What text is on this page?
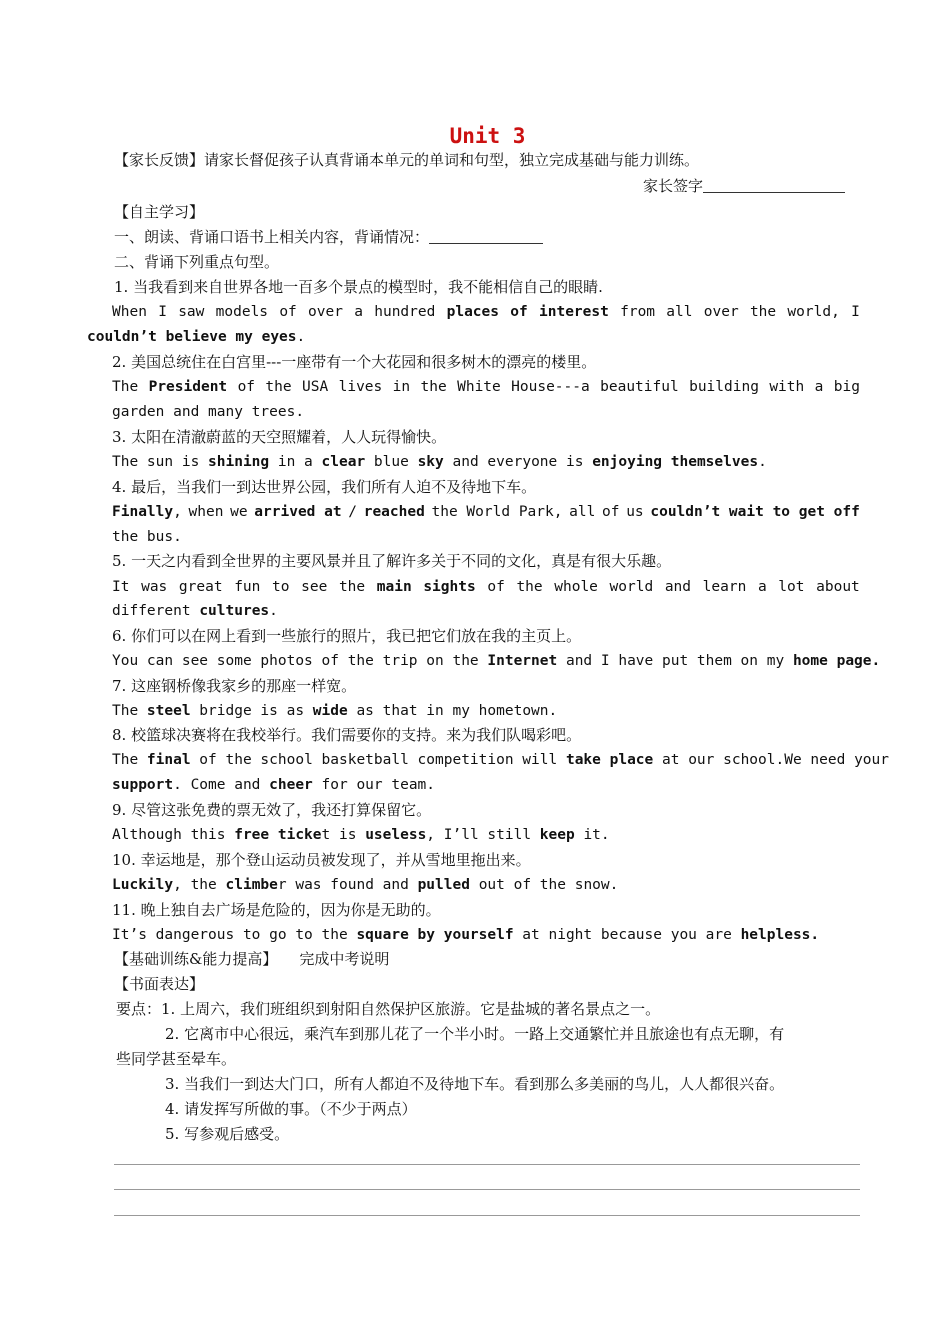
Unit 3
【家长反馈】请家长督促孩子认真背诵本单元的单词和句型，独立完成基础与能力训练。
家长签字
【自主学习】
一、朗读、背诵口语书上相关内容，背诵情况：
二、背诵下列重点句型。
1. 当我看到来自世界各地一百多个景点的模型时，我不能相信自己的眼睛.
When I saw models of over a hundred places of interest from all over the world, I
couldn’t believe my eyes.
2. 美国总统住在白宫里---一座带有一个大花园和很多树木的漂亮的楼里。
The President of the USA lives in the White House---a beautiful building with a big
garden and many trees.
3. 太阳在清澈蔚蓝的天空照耀着，人人玩得愉快。
The sun is shining in a clear blue sky and everyone is enjoying themselves.
4. 最后，当我们一到达世界公园，我们所有人迫不及待地下车。
Finally, when we arrived at / reached the World Park, all of us couldn’t wait to get off
the bus.
5. 一天之内看到全世界的主要风景并且了解许多关于不同的文化，真是有很大乐趣。
It was great fun to see the main sights of the whole world and learn a lot about
different cultures.
6. 你们可以在网上看到一些旅行的照片，我已把它们放在我的主页上。
You can see some photos of the trip on the Internet and I have put them on my home page.
7. 这座钢桥像我家乡的那座一样宽。
The steel bridge is as wide as that in my hometown.
8. 校篮球决赛将在我校举行。我们需要你的支持。来为我们队喝彩吧。
The final of the school basketball competition will take place at our school.We need your
support. Come and cheer for our team.
9. 尽管这张免费的票无效了，我还打算保留它。
Although this free ticket is useless, I’ll still keep it.
10. 幸运地是，那个登山运动员被发现了，并从雪地里拖出来。
Luckily, the climber was found and pulled out of the snow.
11. 晚上独自去广场是危险的，因为你是无助的。
It’s dangerous to go to the square by yourself at night because you are helpless.
【基础训练&能力提高】 完成中考说明
【书面表达】
要点：1. 上周六，我们班组织到射阳自然保护区旅游。它是盐城的著名景点之一。
2. 它离市中心很远，乘汽车到那儿花了一个半小时。一路上交通繁忙并且旅途也有点无聊，有
些同学甚至晕车。
3. 当我们一到达大门口，所有人都迫不及待地下车。看到那么多美丽的鸟儿，人人都很兴奋。
4. 请发挥写所做的事。（不少于两点）
5. 写参观后感受。
